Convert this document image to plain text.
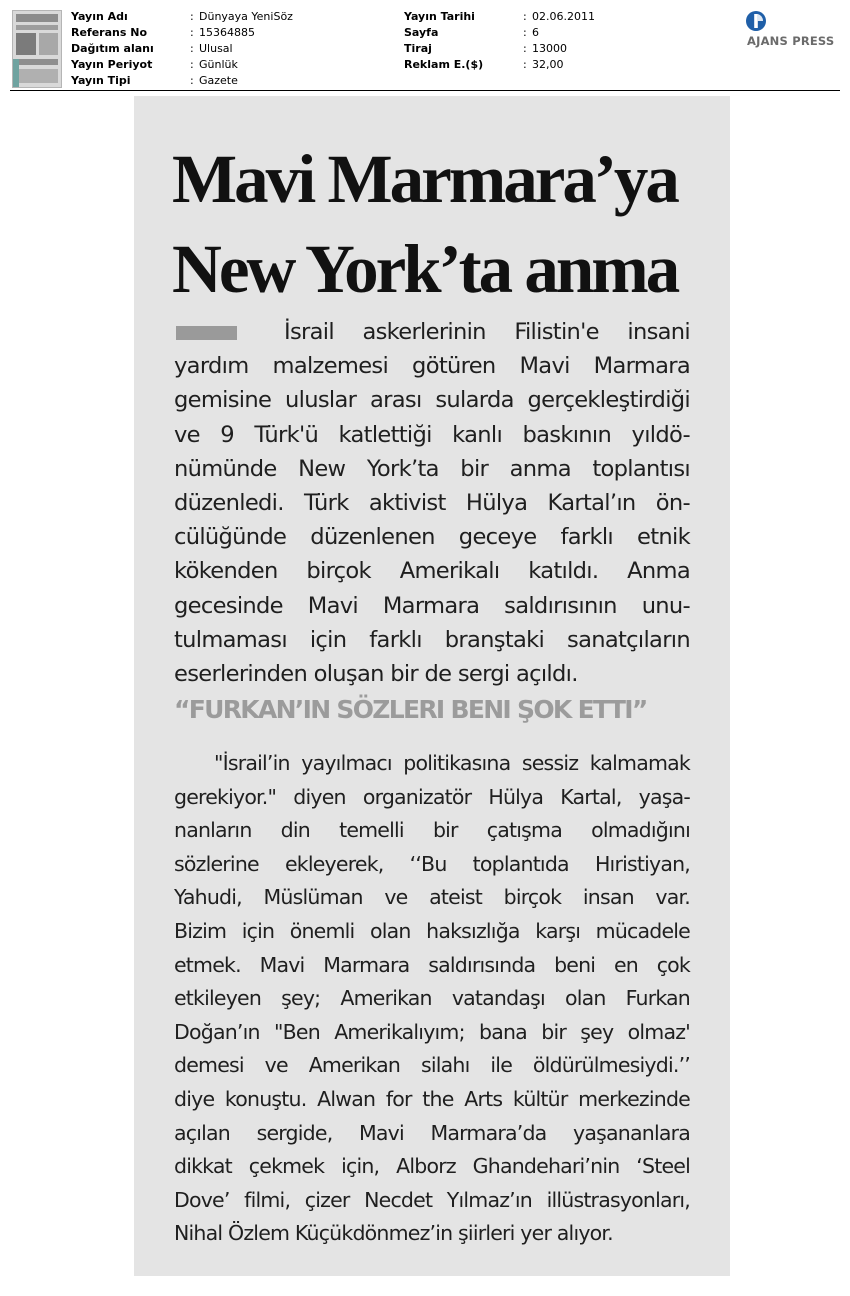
Yayın Adı	: Dünyaya YeniSöz
Referans No	: 15364885
Dağıtım alanı	: Ulusal
Yayın Periyot	: Günlük
Yayın Tipi	: Gazete
Yayın Tarihi	: 02.06.2011
Sayfa	: 6
Tiraj	: 13000
Reklam E.($)	: 32,00
AJANS PRESS
Mavi Marmara’ya
New York’ta anma
İsrail askerlerinin Filistin'e insani
yardım malzemesi götüren Mavi Marmara
gemisine uluslar arası sularda gerçekleştirdiği
ve 9 Türk'ü katlettiği kanlı baskının yıldö-
nümünde New York’ta bir anma toplantısı
düzenledi. Türk aktivist Hülya Kartal’ın ön-
cülüğünde düzenlenen geceye farklı etnik
kökenden birçok Amerikalı katıldı. Anma
gecesinde Mavi Marmara saldırısının unu-
tulmaması için farklı branştaki sanatçıların
eserlerinden oluşan bir de sergi açıldı.
“FURKAN’IN SÖZLERI BENI ŞOK ETTI”
"İsrail’in yayılmacı politikasına sessiz kalmamak
gerekiyor." diyen organizatör Hülya Kartal, yaşa-
nanların din temelli bir çatışma olmadığını
sözlerine ekleyerek, ‘‘Bu toplantıda Hıristiyan,
Yahudi, Müslüman ve ateist birçok insan var.
Bizim için önemli olan haksızlığa karşı mücadele
etmek. Mavi Marmara saldırısında beni en çok
etkileyen şey; Amerikan vatandaşı olan Furkan
Doğan’ın "Ben Amerikalıyım; bana bir şey olmaz'
demesi ve Amerikan silahı ile öldürülmesiydi.’’
diye konuştu. Alwan for the Arts kültür merkezinde
açılan sergide, Mavi Marmara’da yaşananlara
dikkat çekmek için, Alborz Ghandehari’nin ‘Steel
Dove’ filmi, çizer Necdet Yılmaz’ın illüstrasyonları,
Nihal Özlem Küçükdönmez’in şiirleri yer alıyor.
